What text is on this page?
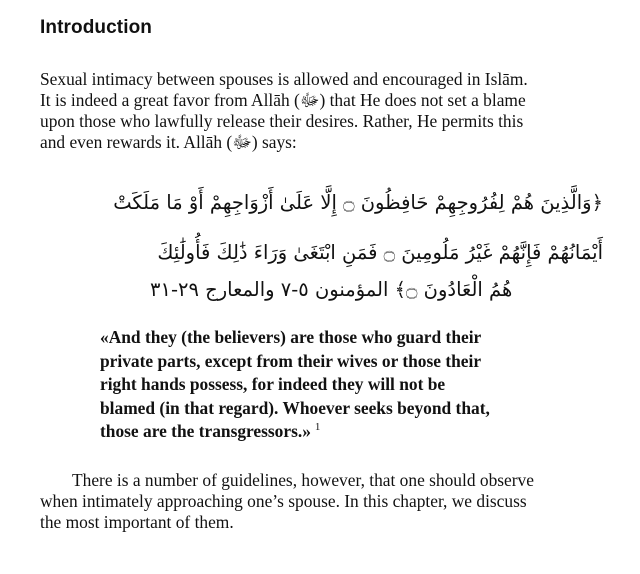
Introduction

Sexual intimacy between spouses is allowed and encouraged in Islām.
It is indeed a great favor from Allāh (ﷻ) that He does not set a blame
upon those who lawfully release their desires. Rather, He permits this
and even rewards it. Allāh (ﷻ) says:

﴿وَالَّذِينَ هُمْ لِفُرُوجِهِمْ حَافِظُونَ ۝ إِلَّا عَلَىٰ أَزْوَاجِهِمْ أَوْ مَا مَلَكَتْ
أَيْمَانُهُمْ فَإِنَّهُمْ غَيْرُ مَلُومِينَ ۝ فَمَنِ ابْتَغَىٰ وَرَاءَ ذَٰلِكَ فَأُولَٰئِكَ
هُمُ الْعَادُونَ ۝﴾ المؤمنون ٥-٧ والمعارج ٢٩-٣١
«And they (the believers) are those who guard their
private parts, except from their wives or those their
right hands possess, for indeed they will not be
blamed (in that regard). Whoever seeks beyond that,
those are the transgressors.» $^1$

There is a number of guidelines, however, that one should observe
when intimately approaching one’s spouse. In this chapter, we discuss
the most important of them.
